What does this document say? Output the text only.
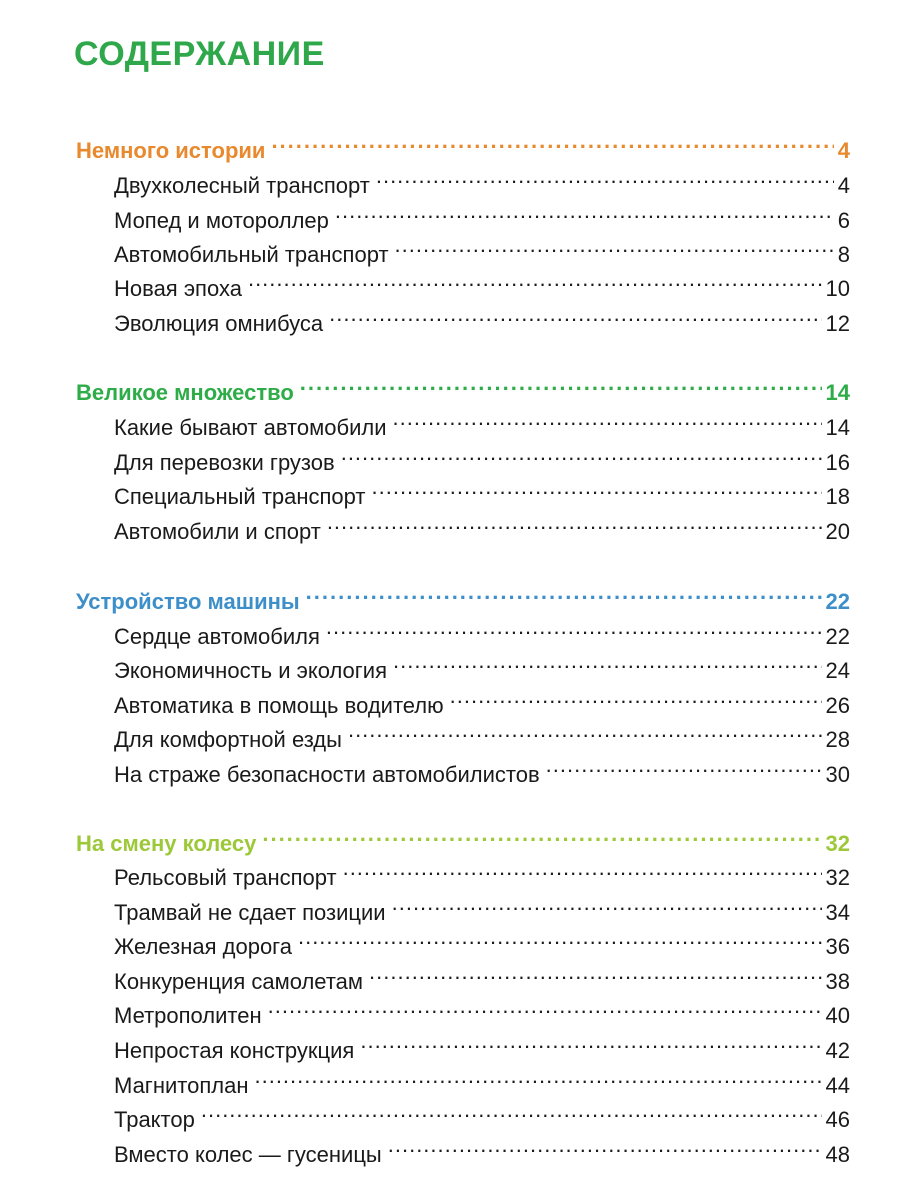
СОДЕРЖАНИЕ
Немного истории .....	4
Двухколесный транспорт .....	4
Мопед и мотороллер .....	6
Автомобильный транспорт .....	8
Новая эпоха .....	10
Эволюция омнибуса .....	12
Великое множество .....	14
Какие бывают автомобили .....	14
Для перевозки грузов .....	16
Специальный транспорт .....	18
Автомобили и спорт .....	20
Устройство машины .....	22
Сердце автомобиля .....	22
Экономичность и экология .....	24
Автоматика в помощь водителю .....	26
Для комфортной езды .....	28
На страже безопасности автомобилистов .....	30
На смену колесу .....	32
Рельсовый транспорт .....	32
Трамвай не сдает позиции .....	34
Железная дорога .....	36
Конкуренция самолетам .....	38
Метрополитен .....	40
Непростая конструкция .....	42
Магнитоплан .....	44
Трактор .....	46
Вместо колес — гусеницы .....	48
